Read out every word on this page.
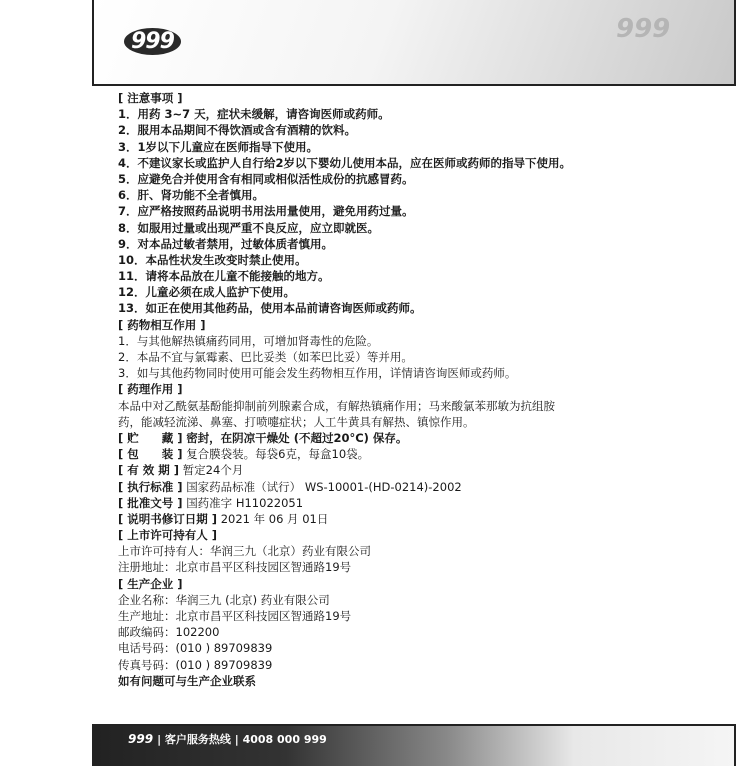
999	999
[ 注意事项 ]
1．用药 3~7 天，症状未缓解，请咨询医师或药师。
2．服用本品期间不得饮酒或含有酒精的饮料。
3．1岁以下儿童应在医师指导下使用。
4．不建议家长或监护人自行给2岁以下婴幼儿使用本品，应在医师或药师的指导下使用。
5．应避免合并使用含有相同或相似活性成份的抗感冒药。
6．肝、肾功能不全者慎用。
7．应严格按照药品说明书用法用量使用，避免用药过量。
8．如服用过量或出现严重不良反应，应立即就医。
9．对本品过敏者禁用，过敏体质者慎用。
10．本品性状发生改变时禁止使用。
11．请将本品放在儿童不能接触的地方。
12．儿童必须在成人监护下使用。
13．如正在使用其他药品，使用本品前请咨询医师或药师。
[ 药物相互作用 ]
1．与其他解热镇痛药同用，可增加肾毒性的危险。
2．本品不宜与氯霉素、巴比妥类（如苯巴比妥）等并用。
3．如与其他药物同时使用可能会发生药物相互作用，详情请咨询医师或药师。
[ 药理作用 ]
本品中对乙酰氨基酚能抑制前列腺素合成，有解热镇痛作用；马来酸氯苯那敏为抗组胺
药，能减轻流涕、鼻塞、打喷嚏症状；人工牛黄具有解热、镇惊作用。
[ 贮　　藏 ] 密封，在阴凉干燥处 (不超过20°C) 保存。
[ 包　　装 ] 复合膜袋装。每袋6克，每盒10袋。
[ 有 效 期 ] 暂定24个月
[ 执行标准 ] 国家药品标准（试行） WS-10001-(HD-0214)-2002
[ 批准文号 ] 国药准字 H11022051
[ 说明书修订日期 ] 2021 年 06 月 01日
[ 上市许可持有人 ]
上市许可持有人：华润三九（北京）药业有限公司
注册地址：北京市昌平区科技园区智通路19号
[ 生产企业 ]
企业名称：华润三九 (北京) 药业有限公司
生产地址：北京市昌平区科技园区智通路19号
邮政编码：102200
电话号码：(010 ) 89709839
传真号码：(010 ) 89709839
如有问题可与生产企业联系
999 | 客户服务热线 | 4008 000 999
